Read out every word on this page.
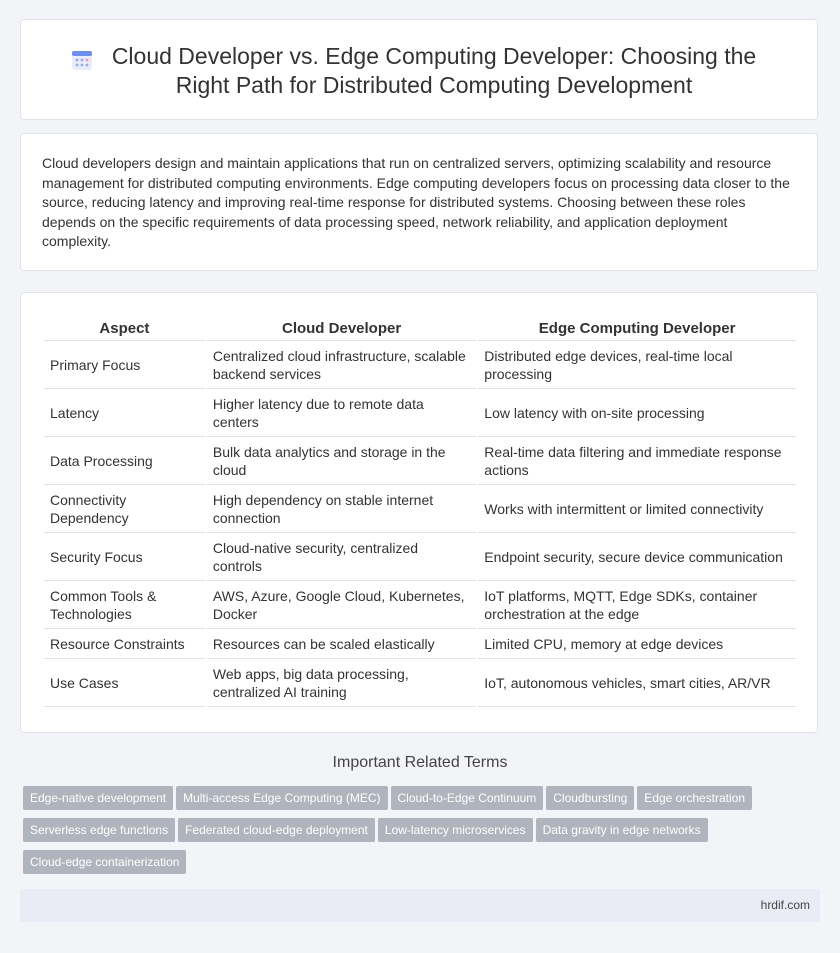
Cloud Developer vs. Edge Computing Developer: Choosing the Right Path for Distributed Computing Development

Cloud developers design and maintain applications that run on centralized servers, optimizing scalability and resource management for distributed computing environments. Edge computing developers focus on processing data closer to the source, reducing latency and improving real-time response for distributed systems. Choosing between these roles depends on the specific requirements of data processing speed, network reliability, and application deployment complexity.

Aspect	Cloud Developer	Edge Computing Developer
Primary Focus	Centralized cloud infrastructure, scalable backend services	Distributed edge devices, real-time local processing
Latency	Higher latency due to remote data centers	Low latency with on-site processing
Data Processing	Bulk data analytics and storage in the cloud	Real-time data filtering and immediate response actions
Connectivity Dependency	High dependency on stable internet connection	Works with intermittent or limited connectivity
Security Focus	Cloud-native security, centralized controls	Endpoint security, secure device communication
Common Tools & Technologies	AWS, Azure, Google Cloud, Kubernetes, Docker	IoT platforms, MQTT, Edge SDKs, container orchestration at the edge
Resource Constraints	Resources can be scaled elastically	Limited CPU, memory at edge devices
Use Cases	Web apps, big data processing, centralized AI training	IoT, autonomous vehicles, smart cities, AR/VR
Important Related Terms
Edge-native development Multi-access Edge Computing (MEC) Cloud-to-Edge Continuum Cloudbursting Edge orchestration
Serverless edge functions Federated cloud-edge deployment Low-latency microservices Data gravity in edge networks
Cloud-edge containerization
hrdif.com
